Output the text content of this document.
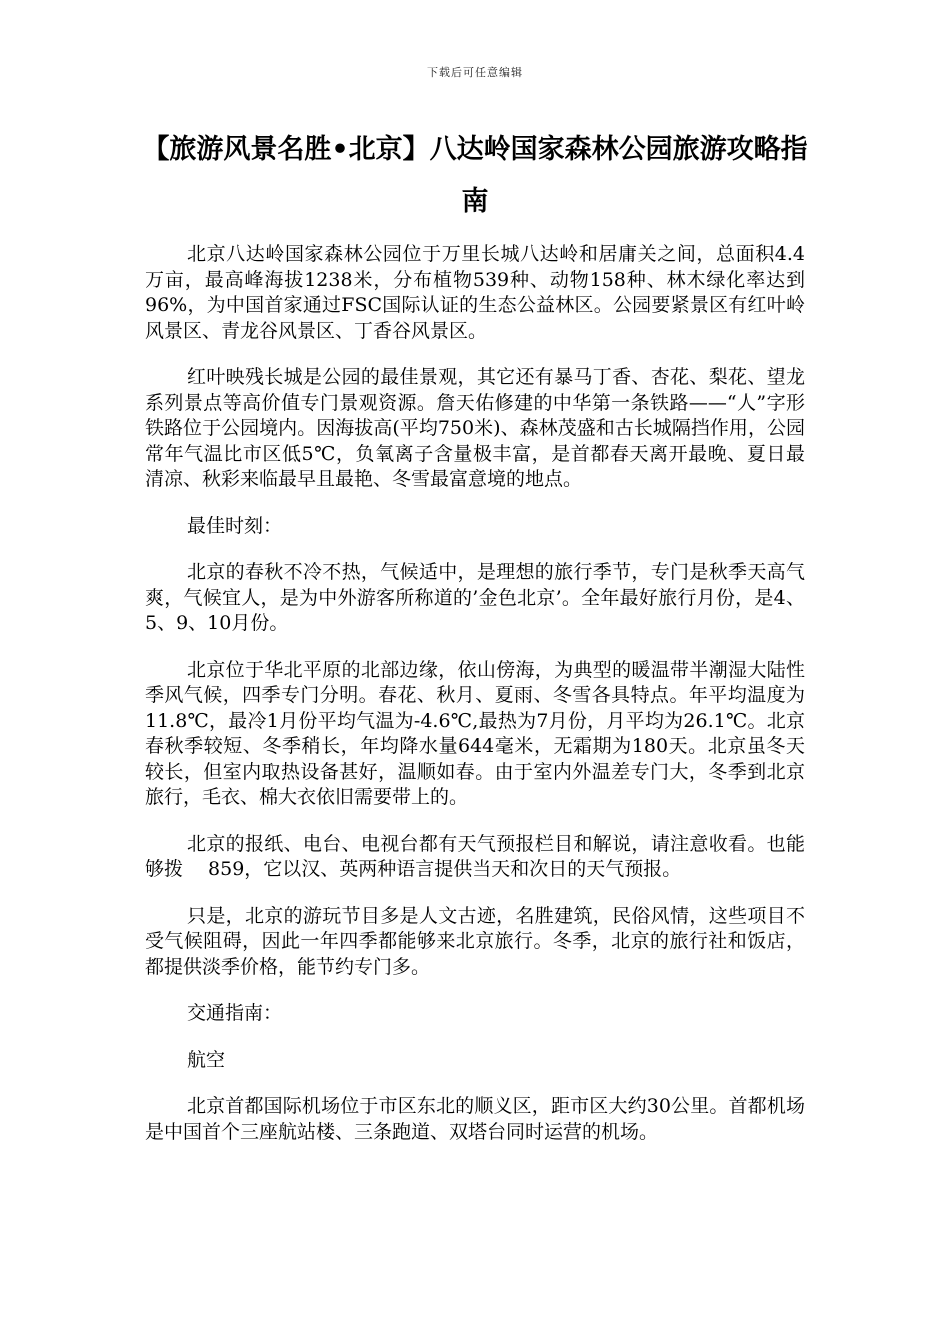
下载后可任意编辑
【旅游风景名胜•北京】八达岭国家森林公园旅游攻略指南

北京八达岭国家森林公园位于万里长城八达岭和居庸关之间，总面积4.4万亩，最高峰海拔1238米，分布植物539种、动物158种、林木绿化率达到96%，为中国首家通过FSC国际认证的生态公益林区。公园要紧景区有红叶岭风景区、青龙谷风景区、丁香谷风景区。

红叶映残长城是公园的最佳景观，其它还有暴马丁香、杏花、梨花、望龙系列景点等高价值专门景观资源。詹天佑修建的中华第一条铁路——“人”字形铁路位于公园境内。因海拔高(平均750米)、森林茂盛和古长城隔挡作用，公园常年气温比市区低5℃，负氧离子含量极丰富，是首都春天离开最晚、夏日最清凉、秋彩来临最早且最艳、冬雪最富意境的地点。

最佳时刻：

北京的春秋不冷不热，气候适中，是理想的旅行季节，专门是秋季天高气爽，气候宜人，是为中外游客所称道的’金色北京’。全年最好旅行月份，是4、5、9、10月份。

北京位于华北平原的北部边缘，依山傍海，为典型的暖温带半潮湿大陆性季风气候，四季专门分明。春花、秋月、夏雨、冬雪各具特点。年平均温度为11.8℃，最冷1月份平均气温为-4.6℃,最热为7月份，月平均为26.1℃。北京春秋季较短、冬季稍长，年均降水量644毫米，无霜期为180天。北京虽冬天较长，但室内取热设备甚好，温顺如春。由于室内外温差专门大，冬季到北京旅行，毛衣、棉大衣依旧需要带上的。

北京的报纸、电台、电视台都有天气预报栏目和解说，请注意收看。也能够拨　 859，它以汉、英两种语言提供当天和次日的天气预报。

只是，北京的游玩节目多是人文古迹，名胜建筑，民俗风情，这些项目不受气候阻碍，因此一年四季都能够来北京旅行。冬季，北京的旅行社和饭店，都提供淡季价格，能节约专门多。

交通指南：

航空

北京首都国际机场位于市区东北的顺义区，距市区大约30公里。首都机场是中国首个三座航站楼、三条跑道、双塔台同时运营的机场。
